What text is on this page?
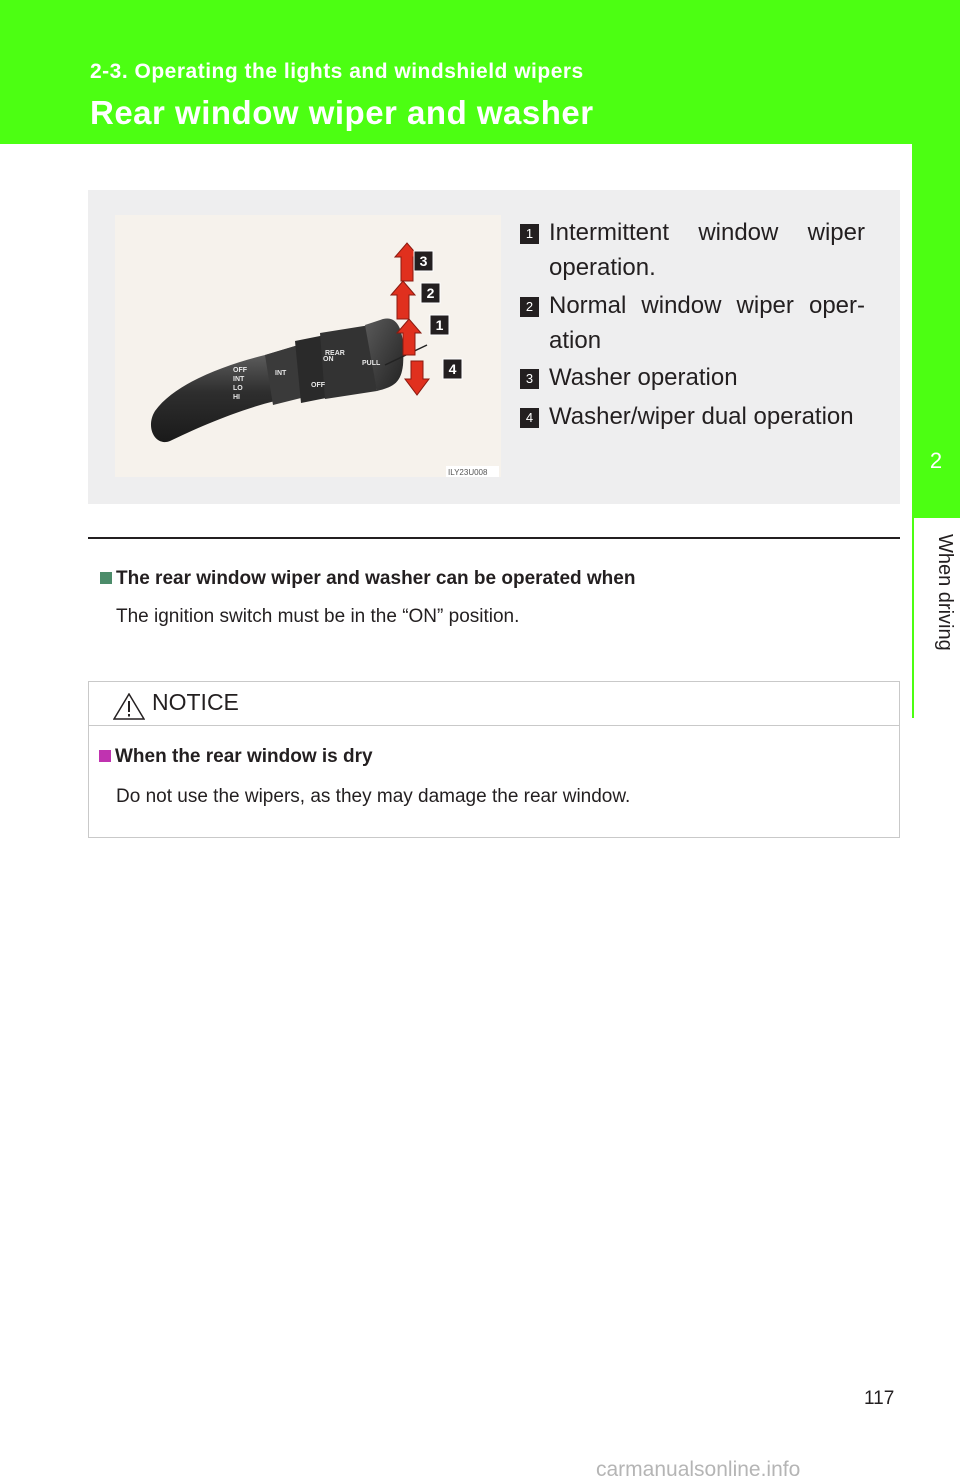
2-3. Operating the lights and windshield wipers
Rear window wiper and washer
2
When driving
OFF
INT
LO
HI
INT
ON
REAR
OFF
PULL
3
2
1
4
ILY23U008
1 Intermittent window wiper operation.
2 Normal window wiper oper-ation
3 Washer operation
4 Washer/wiper dual operation
The rear window wiper and washer can be operated when
The ignition switch must be in the “ON” position.
NOTICE
When the rear window is dry
Do not use the wipers, as they may damage the rear window.
117
carmanualsonline.info
